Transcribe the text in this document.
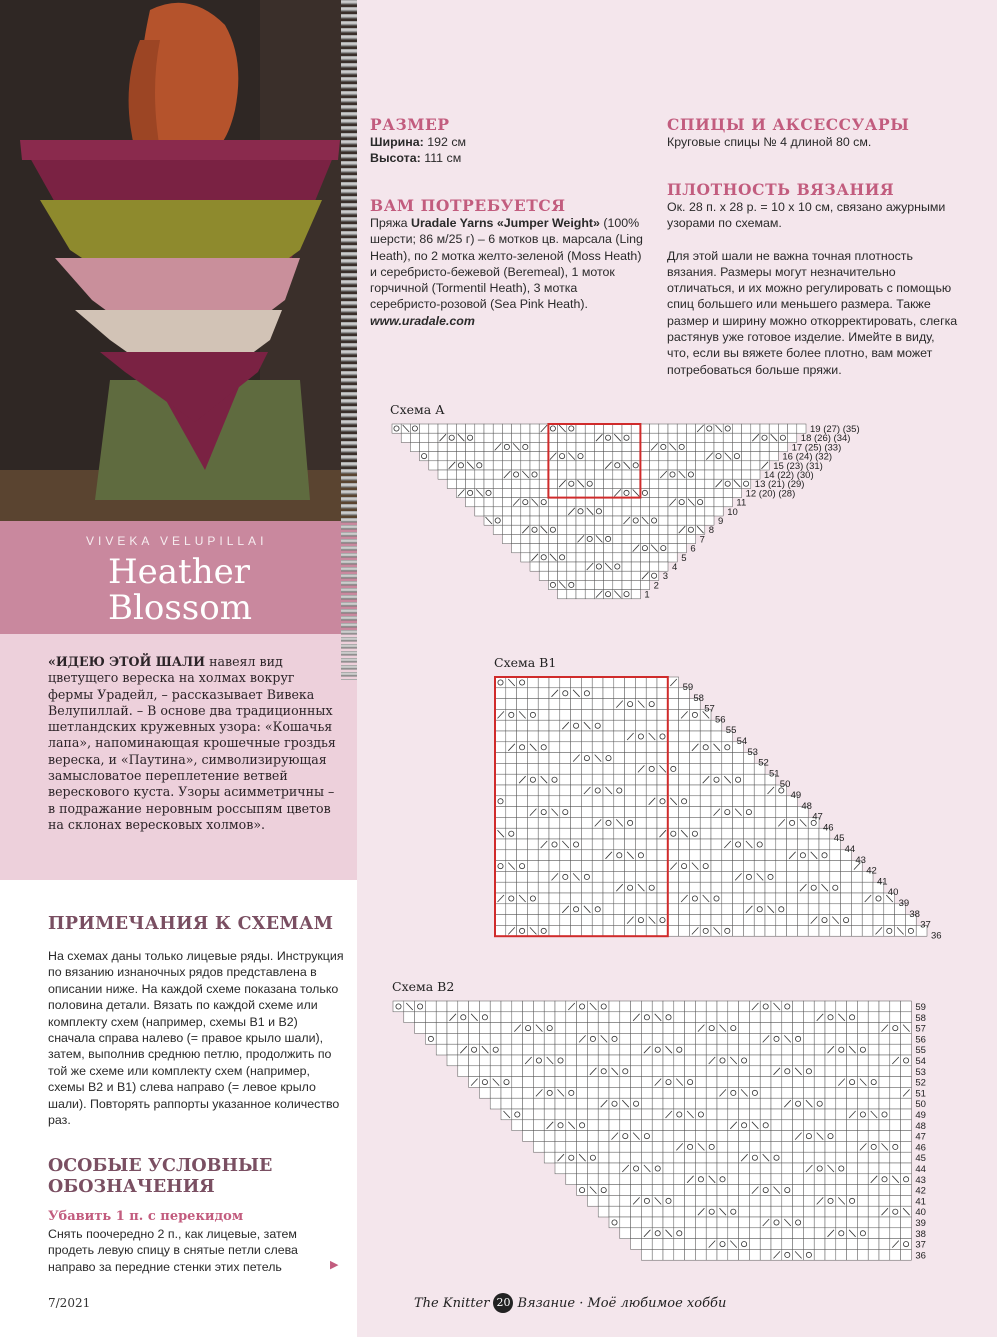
VIVEKA VELUPILLAI
Heather
Blossom
«ИДЕЮ ЭТОЙ ШАЛИ навеял вид цветущего вереска на холмах вокруг фермы Урадейл, – рассказывает Вивека Велупиллай. – В основе два традиционных шетландских кружевных узора: «Кошачья лапа», напоминающая крошечные гроздья вереска, и «Паутина», символизирующая замысловатое переплетение ветвей верескового куста. Узоры асимметричны – в подражание неровным россыпям цветов на склонах вересковых холмов».
ПРИМЕЧАНИЯ К СХЕМАМ
На схемах даны только лицевые ряды. Инструкция по вязанию изнаночных рядов представлена в описании ниже. На каждой схеме показана только половина детали. Вязать по каждой схеме или комплекту схем (например, схемы В1 и В2) сначала справа налево (= правое крыло шали), затем, выполнив среднюю петлю, продолжить по той же схеме или комплекту схем (например, схемы В2 и В1) слева направо (= левое крыло шали). Повторять раппорты указанное количество раз.
ОСОБЫЕ УСЛОВНЫЕ ОБОЗНАЧЕНИЯ
Убавить 1 п. с перекидом
Снять поочередно 2 п., как лицевые, затем продеть левую спицу в снятые петли слева направо за передние стенки этих петель	▶
7/2021
РАЗМЕР
Ширина: 192 см
Высота: 111 см
ВАМ ПОТРЕБУЕТСЯ
Пряжа Uradale Yarns «Jumper Weight» (100% шерсти; 86 м/25 г) – 6 мотков цв. марсала (Ling Heath), по 2 мотка желто-зеленой (Moss Heath) и серебристо-бежевой (Beremeal), 1 моток горчичной (Tormentil Heath), 3 мотка серебристо-розовой (Sea Pink Heath).
www.uradale.com
СПИЦЫ И АКСЕССУАРЫ
Круговые спицы № 4 длиной 80 см.
ПЛОТНОСТЬ ВЯЗАНИЯ
Ок. 28 п. х 28 р. = 10 х 10 см, связано ажурными узорами по схемам.
Для этой шали не важна точная плотность вязания. Размеры могут незначительно отличаться, и их можно регулировать с помощью спиц большего или меньшего размера. Также размер и ширину можно откорректировать, слегка растянув уже готовое изделие. Имейте в виду, что, если вы вяжете более плотно, вам может потребоваться больше пряжи.
Схема А
19 (27) (35)
18 (26) (34)
17 (25) (33)
16 (24) (32)
15 (23) (31)
14 (22) (30)
13 (21) (29)
12 (20) (28)
11
10
9
8
7
6
5
4
3
2
1
Схема В1
59
58
57
56
55
54
53
52
51
50
49
48
47
46
45
44
43
42
41
40
39
38
37
36
Схема В2
59
58
57
56
55
54
53
52
51
50
49
48
47
46
45
44
43
42
41
40
39
38
37
36
The Knitter 20 Вязание · Моё любимое хобби
